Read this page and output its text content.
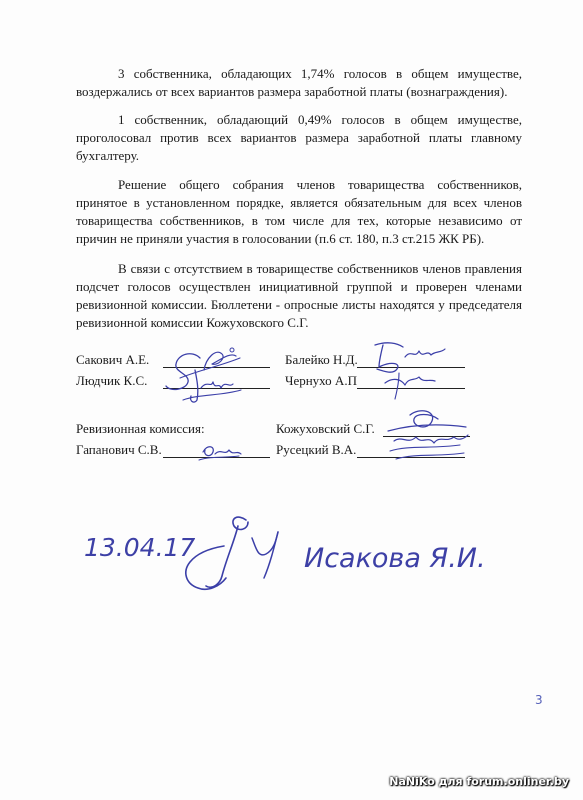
3 собственника, обладающих 1,74% голосов в общем имуществе, воздержались от всех вариантов размера заработной платы (вознаграждения).

1 собственник, обладающий 0,49% голосов в общем имуществе, проголосовал против всех вариантов размера заработной платы главному бухгалтеру.

Решение общего собрания членов товарищества собственников, принятое в установленном порядке, является обязательным для всех членов товарищества собственников, в том числе для тех, которые независимо от причин не приняли участия в голосовании (п.6 ст. 180, п.3 ст.215 ЖК РБ).

В связи с отсутствием в товариществе собственников членов правления подсчет голосов осуществлен инициативной группой и проверен членами ревизионной комиссии. Бюллетени - опросные листы находятся у председателя ревизионной комиссии Кожуховского С.Г.

Сакович А.Е.	Балейко Н.Д.
Людчик К.С.	Чернухо А.П
Ревизионная комиссия:	Кожуховский С.Г.
Гапанович С.В.	Русецкий В.А.
13.04.17	Исакова Я.И.
3
NaNiKo для forum.onliner.by
